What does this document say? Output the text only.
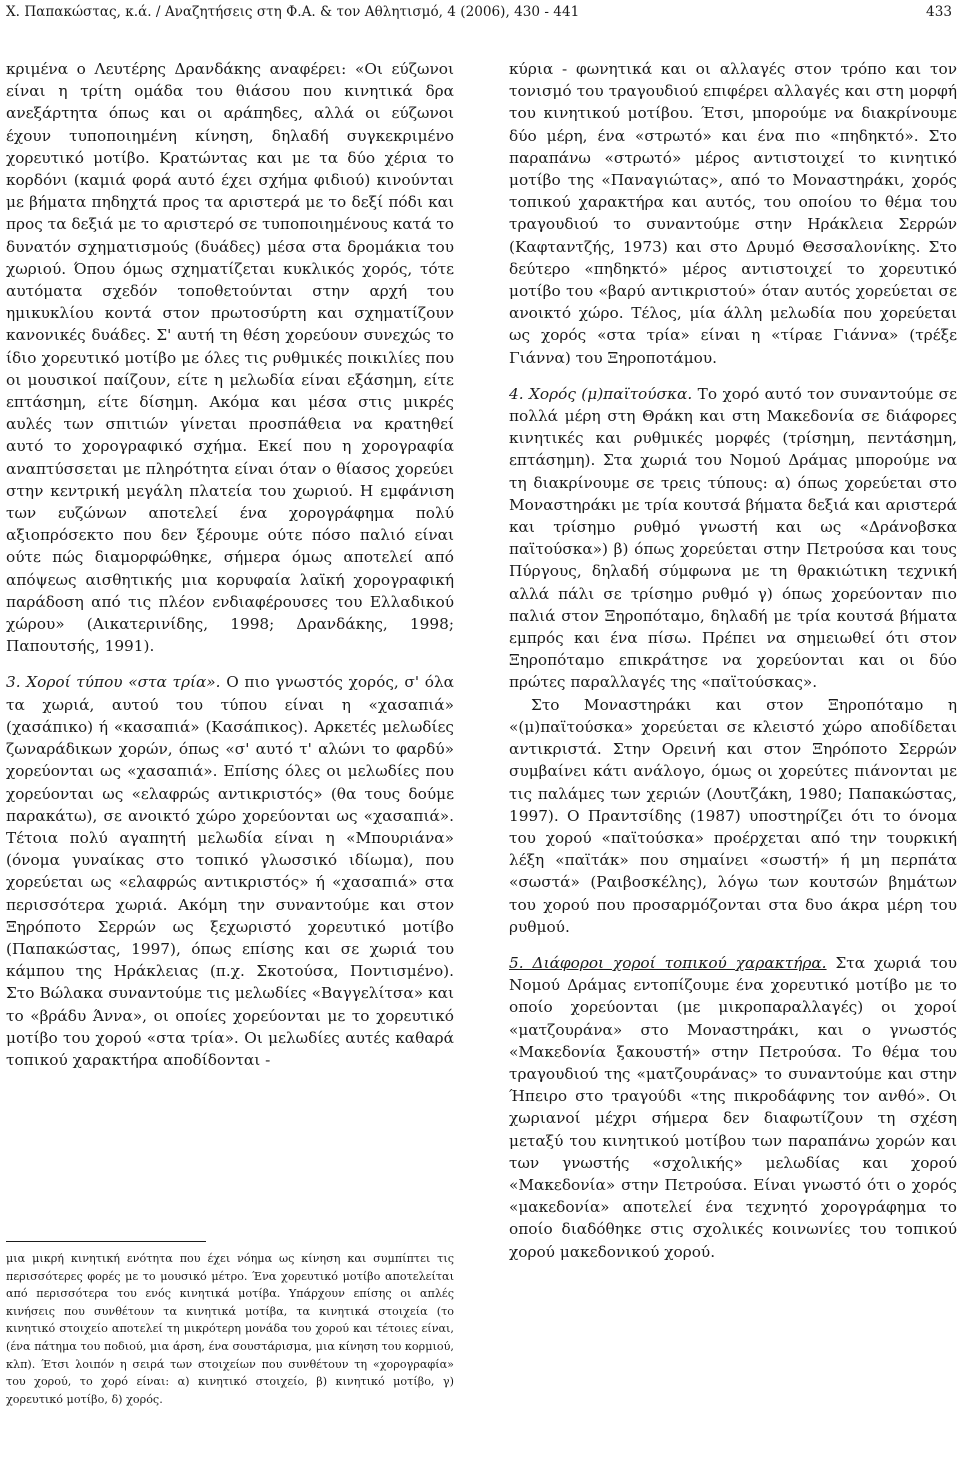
Χ. Παπακώστας, κ.ά. / Αναζητήσεις στη Φ.Α. & τον Αθλητισμό, 4 (2006), 430 - 441	433

κριμένα ο Λευτέρης Δρανδάκης αναφέρει: «Οι εύζωνοι είναι η τρίτη ομάδα του θιάσου που κινητικά δρα ανεξάρτητα όπως και οι αράπηδες, αλλά οι εύζωνοι έχουν τυποποιημένη κίνηση, δηλαδή συγκεκριμένο χορευτικό μοτίβο. Κρατώντας και με τα δύο χέρια το κορδόνι (καμιά φορά αυτό έχει σχήμα φιδιού) κινούνται με βήματα πηδηχτά προς τα αριστερά με το δεξί πόδι και προς τα δεξιά με το αριστερό σε τυποποιημένους κατά το δυνατόν σχηματισμούς (δυάδες) μέσα στα δρομάκια του χωριού. Όπου όμως σχηματίζεται κυκλικός χορός, τότε αυτόματα σχεδόν τοποθετούνται στην αρχή του ημικυκλίου κοντά στον πρωτοσύρτη και σχηματίζουν κανονικές δυάδες. Σ' αυτή τη θέση χορεύουν συνεχώς το ίδιο χορευτικό μοτίβο με όλες τις ρυθμικές ποικιλίες που οι μουσικοί παίζουν, είτε η μελωδία είναι εξάσημη, είτε επτάσημη, είτε δίσημη. Ακόμα και μέσα στις μικρές αυλές των σπιτιών γίνεται προσπάθεια να κρατηθεί αυτό το χορογραφικό σχήμα. Εκεί που η χορογραφία αναπτύσσεται με πληρότητα είναι όταν ο θίασος χορεύει στην κεντρική μεγάλη πλατεία του χωριού. Η εμφάνιση των ευζώνων αποτελεί ένα χορογράφημα πολύ αξιοπρόσεκτο που δεν ξέρουμε ούτε πόσο παλιό είναι ούτε πώς διαμορφώθηκε, σήμερα όμως αποτελεί από απόψεως αισθητικής μια κορυφαία λαϊκή χορογραφική παράδοση από τις πλέον ενδιαφέρουσες του Ελλαδικού χώρου» (Αικατερινίδης, 1998; Δρανδάκης, 1998; Παπουτσής, 1991).

3. Χοροί τύπου «στα τρία». Ο πιο γνωστός χορός, σ' όλα τα χωριά, αυτού του τύπου είναι η «χασαπιά» (χασάπικο) ή «κασαπιά» (Κασάπικος). Αρκετές μελωδίες ζωναράδικων χορών, όπως «σ' αυτό τ' αλώνι το φαρδύ» χορεύονται ως «χασαπιά». Επίσης όλες οι μελωδίες που χορεύονται ως «ελαφρώς αντικριστός» (θα τους δούμε παρακάτω), σε ανοικτό χώρο χορεύονται ως «χασαπιά». Τέτοια πολύ αγαπητή μελωδία είναι η «Μπουριάνα» (όνομα γυναίκας στο τοπικό γλωσσικό ιδίωμα), που χορεύεται ως «ελαφρώς αντικριστός» ή «χασαπιά» στα περισσότερα χωριά. Ακόμη την συναντούμε και στον Ξηρόποτο Σερρών ως ξεχωριστό χορευτικό μοτίβο (Παπακώστας, 1997), όπως επίσης και σε χωριά του κάμπου της Ηράκλειας (π.χ. Σκοτούσα, Ποντισμένο). Στο Βώλακα συναντούμε τις μελωδίες «Βαγγελίτσα» και το «βράδυ Άννα», οι οποίες χορεύονται με το χορευτικό μοτίβο του χορού «στα τρία». Οι μελωδίες αυτές καθαρά τοπικού χαρακτήρα αποδίδονται -

μια μικρή κινητική ενότητα που έχει νόημα ως κίνηση και συμπίπτει τις περισσότερες φορές με το μουσικό μέτρο. Ένα χορευτικό μοτίβο αποτελείται από περισσότερα του ενός κινητικά μοτίβα. Υπάρχουν επίσης οι απλές κινήσεις που συνθέτουν τα κινητικά μοτίβα, τα κινητικά στοιχεία (το κινητικό στοιχείο αποτελεί τη μικρότερη μονάδα του χορού και τέτοιες είναι, (ένα πάτημα του ποδιού, μια άρση, ένα σουστάρισμα, μια κίνηση του κορμιού, κλπ). Έτσι λοιπόν η σειρά των στοιχείων που συνθέτουν τη «χορογραφία» του χορού, το χορό είναι: α) κινητικό στοιχείο, β) κινητικό μοτίβο, γ) χορευτικό μοτίβο, δ) χορός.

κύρια - φωνητικά και οι αλλαγές στον τρόπο και τον τονισμό του τραγουδιού επιφέρει αλλαγές και στη μορφή του κινητικού μοτίβου. Έτσι, μπορούμε να διακρίνουμε δύο μέρη, ένα «στρωτό» και ένα πιο «πηδηκτό». Στο παραπάνω «στρωτό» μέρος αντιστοιχεί το κινητικό μοτίβο της «Παναγιώτας», από το Μοναστηράκι, χορός τοπικού χαρακτήρα και αυτός, του οποίου το θέμα του τραγουδιού το συναντούμε στην Ηράκλεια Σερρών (Καφταντζής, 1973) και στο Δρυμό Θεσσαλονίκης. Στο δεύτερο «πηδηκτό» μέρος αντιστοιχεί το χορευτικό μοτίβο του «βαρύ αντικριστού» όταν αυτός χορεύεται σε ανοικτό χώρο. Τέλος, μία άλλη μελωδία που χορεύεται ως χορός «στα τρία» είναι η «τίραε Γιάννα» (τρέξε Γιάννα) του Ξηροποτάμου.

4. Χορός (μ)παϊτούσκα. Το χορό αυτό τον συναντούμε σε πολλά μέρη στη Θράκη και στη Μακεδονία σε διάφορες κινητικές και ρυθμικές μορφές (τρίσημη, πεντάσημη, επτάσημη). Στα χωριά του Νομού Δράμας μπορούμε να τη διακρίνουμε σε τρεις τύπους: α) όπως χορεύεται στο Μοναστηράκι με τρία κουτσά βήματα δεξιά και αριστερά και τρίσημο ρυθμό γνωστή και ως «Δράνοβσκα παϊτούσκα») β) όπως χορεύεται στην Πετρούσα και τους Πύργους, δηλαδή σύμφωνα με τη θρακιώτικη τεχνική αλλά πάλι σε τρίσημο ρυθμό γ) όπως χορεύονταν πιο παλιά στον Ξηροπόταμο, δηλαδή με τρία κουτσά βήματα εμπρός και ένα πίσω. Πρέπει να σημειωθεί ότι στον Ξηροπόταμο επικράτησε να χορεύονται και οι δύο πρώτες παραλλαγές της «παϊτούσκας».

Στο Μοναστηράκι και στον Ξηροπόταμο η «(μ)παϊτούσκα» χορεύεται σε κλειστό χώρο αποδίδεται αντικριστά. Στην Ορεινή και στον Ξηρόποτο Σερρών συμβαίνει κάτι ανάλογο, όμως οι χορεύτες πιάνονται με τις παλάμες των χεριών (Λουτζάκη, 1980; Παπακώστας, 1997). Ο Πραντσίδης (1987) υποστηρίζει ότι το όνομα του χορού «παϊτούσκα» προέρχεται από την τουρκική λέξη «παϊτάκ» που σημαίνει «σωστή» ή μη περπάτα «σωστά» (Ραιβοσκέλης), λόγω των κουτσών βημάτων του χορού που προσαρμόζονται στα δυο άκρα μέρη του ρυθμού.

5. Διάφοροι χοροί τοπικού χαρακτήρα. Στα χωριά του Νομού Δράμας εντοπίζουμε ένα χορευτικό μοτίβο με το οποίο χορεύονται (με μικροπαραλλαγές) οι χοροί «ματζουράνα» στο Μοναστηράκι, και ο γνωστός «Μακεδονία ξακουστή» στην Πετρούσα. Το θέμα του τραγουδιού της «ματζουράνας» το συναντούμε και στην Ήπειρο στο τραγούδι «της πικροδάφνης τον ανθό». Οι χωριανοί μέχρι σήμερα δεν διαφωτίζουν τη σχέση μεταξύ του κινητικού μοτίβου των παραπάνω χορών και των γνωστής «σχολικής» μελωδίας και χορού «Μακεδονία» στην Πετρούσα. Είναι γνωστό ότι ο χορός «μακεδονία» αποτελεί ένα τεχνητό χορογράφημα το οποίο διαδόθηκε στις σχολικές κοινωνίες του τοπικού χορού μακεδονικού χορού.
